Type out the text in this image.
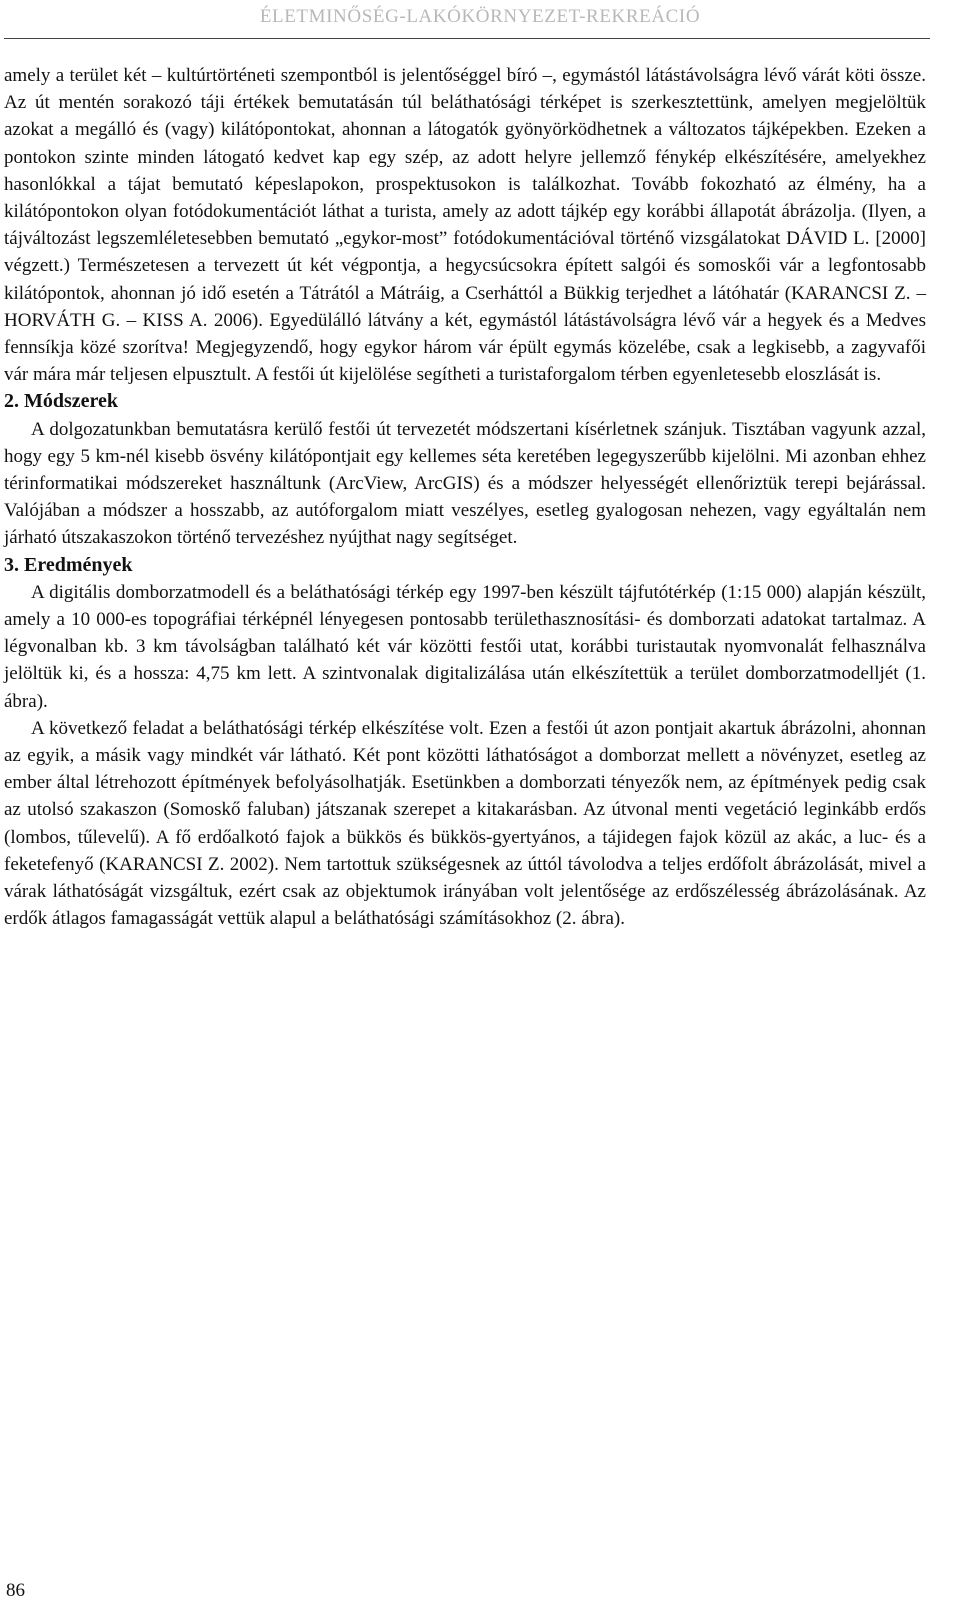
ÉLETMINŐSÉG-LAKÓKÖRNYEZET-REKREÁCIÓ

amely a terület két – kultúrtörténeti szempontból is jelentőséggel bíró –, egymástól látástávolságra lévő várát köti össze. Az út mentén sorakozó táji értékek bemutatásán túl beláthatósági térképet is szerkesztettünk, amelyen megjelöltük azokat a megálló és (vagy) kilátópontokat, ahonnan a látogatók gyönyörködhetnek a változatos tájképekben. Ezeken a pontokon szinte minden látogató kedvet kap egy szép, az adott helyre jellemző fénykép elkészítésére, amelyekhez hasonlókkal a tájat bemutató képeslapokon, prospektusokon is találkozhat. Tovább fokozható az élmény, ha a kilátópontokon olyan fotódokumentációt láthat a turista, amely az adott tájkép egy korábbi állapotát ábrázolja. (Ilyen, a tájváltozást legszemléletesebben bemutató „egykor-most” fotódokumentációval történő vizsgálatokat DÁVID L. [2000] végzett.) Természetesen a tervezett út két végpontja, a hegycsúcsokra épített salgói és somoskői vár a legfontosabb kilátópontok, ahonnan jó idő esetén a Tátrától a Mátráig, a Cserháttól a Bükkig terjedhet a látóhatár (KARANCSI Z. – HORVÁTH G. – KISS A. 2006). Egyedülálló látvány a két, egymástól látástávolságra lévő vár a hegyek és a Medves fennsíkja közé szorítva! Megjegyzendő, hogy egykor három vár épült egymás közelébe, csak a legkisebb, a zagyvafői vár mára már teljesen elpusztult. A festői út kijelölése segítheti a turistaforgalom térben egyenletesebb eloszlását is.

2. Módszerek

A dolgozatunkban bemutatásra kerülő festői út tervezetét módszertani kísérletnek szánjuk. Tisztában vagyunk azzal, hogy egy 5 km-nél kisebb ösvény kilátópontjait egy kellemes séta keretében legegyszerűbb kijelölni. Mi azonban ehhez térinformatikai módszereket használtunk (ArcView, ArcGIS) és a módszer helyességét ellenőriztük terepi bejárással. Valójában a módszer a hosszabb, az autóforgalom miatt veszélyes, esetleg gyalogosan nehezen, vagy egyáltalán nem járható útszakaszokon történő tervezéshez nyújthat nagy segítséget.

3. Eredmények

A digitális domborzatmodell és a beláthatósági térkép egy 1997-ben készült tájfutótérkép (1:15 000) alapján készült, amely a 10 000-es topográfiai térképnél lényegesen pontosabb területhasznosítási- és domborzati adatokat tartalmaz. A légvonalban kb. 3 km távolságban található két vár közötti festői utat, korábbi turistautak nyomvonalát felhasználva jelöltük ki, és a hossza: 4,75 km lett. A szintvonalak digitalizálása után elkészítettük a terület domborzatmodelljét (1. ábra).

A következő feladat a beláthatósági térkép elkészítése volt. Ezen a festői út azon pontjait akartuk ábrázolni, ahonnan az egyik, a másik vagy mindkét vár látható. Két pont közötti láthatóságot a domborzat mellett a növényzet, esetleg az ember által létrehozott építmények befolyásolhatják. Esetünkben a domborzati tényezők nem, az építmények pedig csak az utolsó szakaszon (Somoskő faluban) játszanak szerepet a kitakarásban. Az útvonal menti vegetáció leginkább erdős (lombos, tűlevelű). A fő erdőalkotó fajok a bükkös és bükkös-gyertyános, a tájidegen fajok közül az akác, a luc- és a feketefenyő (KARANCSI Z. 2002). Nem tartottuk szükségesnek az úttól távolodva a teljes erdőfolt ábrázolását, mivel a várak láthatóságát vizsgáltuk, ezért csak az objektumok irányában volt jelentősége az erdőszélesség ábrázolásának. Az erdők átlagos famagasságát vettük alapul a beláthatósági számításokhoz (2. ábra).

86
